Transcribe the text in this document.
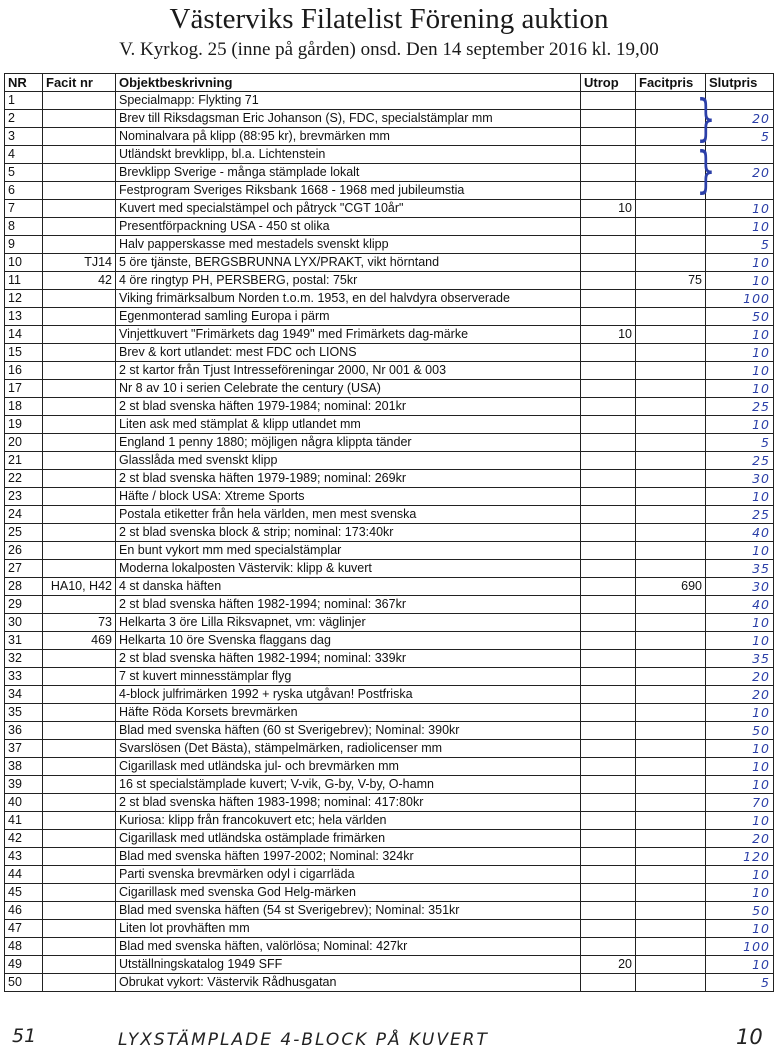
Västerviks Filatelist Förening auktion
V. Kyrkog. 25 (inne på gården) onsd. Den 14 september 2016 kl. 19,00
NR	Facit nr	Objektbeskrivning	Utrop	Facitpris	Slutpris
1		Specialmapp: Flykting 71			
2		Brev till Riksdagsman Eric Johanson (S), FDC, specialstämplar mm			20
3		Nominalvara på klipp (88:95 kr), brevmärken mm			5
4		Utländskt brevklipp, bl.a. Lichtenstein			
5		Brevklipp Sverige - många stämplade lokalt			20
6		Festprogram Sveriges Riksbank 1668 - 1968 med jubileumstia			
7		Kuvert med specialstämpel och påtryck "CGT 10år"	10		10
8		Presentförpackning USA - 450 st olika			10
9		Halv papperskasse med mestadels svenskt klipp			5
10	TJ14	5 öre tjänste, BERGSBRUNNA LYX/PRAKT, vikt hörntand			10
11	42	4 öre ringtyp PH, PERSBERG, postal: 75kr		75	10
12		Viking frimärksalbum Norden t.o.m. 1953, en del halvdyra observerade			100
13		Egenmonterad samling Europa i pärm			50
14		Vinjettkuvert "Frimärkets dag 1949" med Frimärkets dag-märke	10		10
15		Brev & kort utlandet: mest FDC och LIONS			10
16		2 st kartor från Tjust Intresseföreningar 2000, Nr 001 & 003			10
17		Nr 8 av 10 i serien Celebrate the century (USA)			10
18		2 st blad svenska häften 1979-1984; nominal: 201kr			25
19		Liten ask med stämplat & klipp utlandet mm			10
20		England 1 penny 1880; möjligen några klippta tänder			5
21		Glasslåda med svenskt klipp			25
22		2 st blad svenska häften 1979-1989; nominal: 269kr			30
23		Häfte / block USA: Xtreme Sports			10
24		Postala etiketter från hela världen, men mest svenska			25
25		2 st blad svenska block & strip; nominal: 173:40kr			40
26		En bunt vykort mm med specialstämplar			10
27		Moderna lokalposten Västervik: klipp & kuvert			35
28	HA10, H42	4 st danska häften		690	30
29		2 st blad svenska häften 1982-1994; nominal: 367kr			40
30	73	Helkarta 3 öre Lilla Riksvapnet, vm: väglinjer			10
31	469	Helkarta 10 öre Svenska flaggans dag			10
32		2 st blad svenska häften 1982-1994; nominal: 339kr			35
33		7 st kuvert minnesstämplar flyg			20
34		4-block julfrimärken 1992 + ryska utgåvan! Postfriska			20
35		Häfte Röda Korsets brevmärken			10
36		Blad med svenska häften (60 st Sverigebrev); Nominal: 390kr			50
37		Svarslösen (Det Bästa), stämpelmärken, radiolicenser mm			10
38		Cigarillask med utländska jul- och brevmärken mm			10
39		16 st specialstämplade kuvert; V-vik, G-by, V-by, O-hamn			10
40		2 st blad svenska häften 1983-1998; nominal: 417:80kr			70
41		Kuriosa: klipp från francokuvert etc; hela världen			10
42		Cigarillask med utländska ostämplade frimärken			20
43		Blad med svenska häften 1997-2002; Nominal: 324kr			120
44		Parti svenska brevmärken odyl i cigarrläda			10
45		Cigarillask med svenska God Helg-märken			10
46		Blad med svenska häften (54 st Sverigebrev); Nominal: 351kr			50
47		Liten lot provhäften mm			10
48		Blad med svenska häften, valörlösa; Nominal: 427kr			100
49		Utställningskatalog 1949 SFF	20		10
50		Obrukat vykort: Västervik Rådhusgatan			5
}
}
51	LYXSTÄMPLADE 4-BLOCK PÅ KUVERT	10
